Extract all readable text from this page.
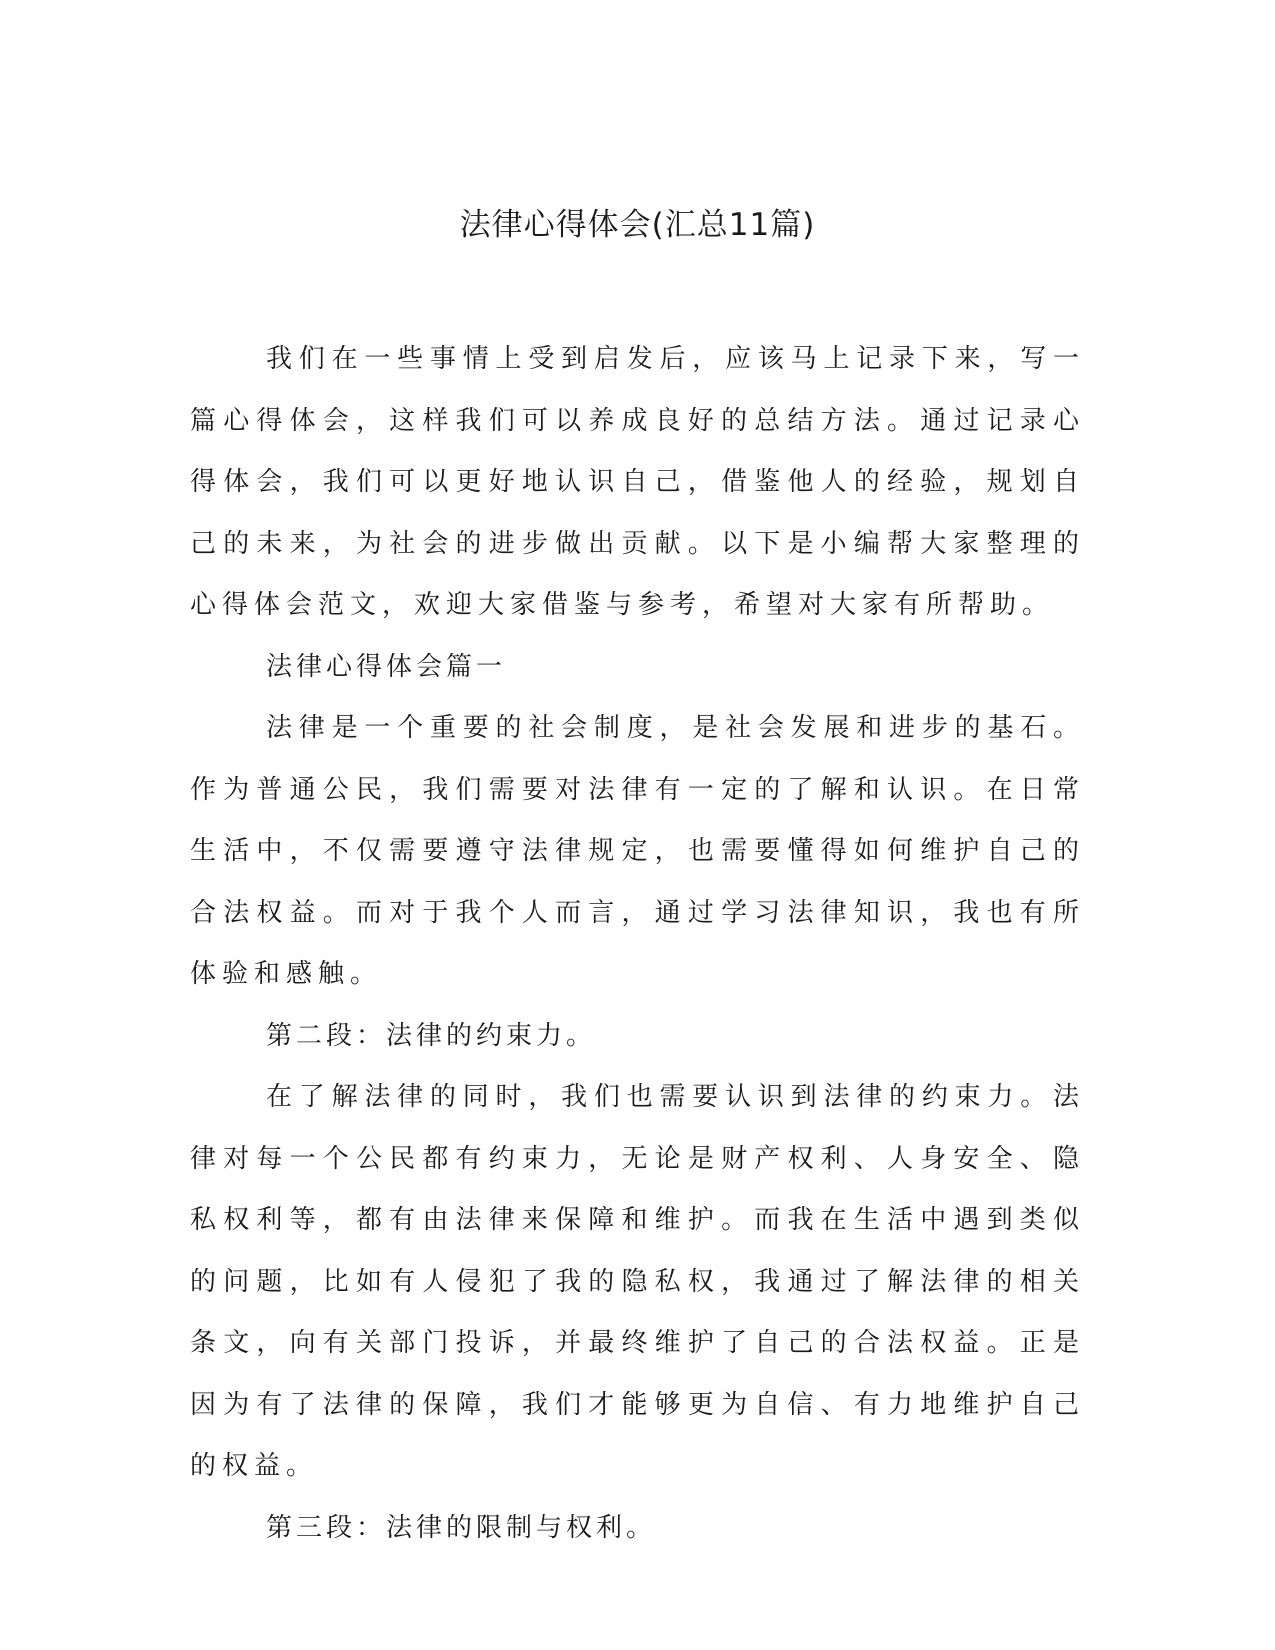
法律心得体会(汇总11篇)

我们在一些事情上受到启发后，应该马上记录下来，写一篇心得体会，这样我们可以养成良好的总结方法。通过记录心得体会，我们可以更好地认识自己，借鉴他人的经验，规划自己的未来，为社会的进步做出贡献。以下是小编帮大家整理的心得体会范文，欢迎大家借鉴与参考，希望对大家有所帮助。

法律心得体会篇一

法律是一个重要的社会制度，是社会发展和进步的基石。作为普通公民，我们需要对法律有一定的了解和认识。在日常生活中，不仅需要遵守法律规定，也需要懂得如何维护自己的合法权益。而对于我个人而言，通过学习法律知识，我也有所体验和感触。

第二段：法律的约束力。

在了解法律的同时，我们也需要认识到法律的约束力。法律对每一个公民都有约束力，无论是财产权利、人身安全、隐私权利等，都有由法律来保障和维护。而我在生活中遇到类似的问题，比如有人侵犯了我的隐私权，我通过了解法律的相关条文，向有关部门投诉，并最终维护了自己的合法权益。正是因为有了法律的保障，我们才能够更为自信、有力地维护自己的权益。

第三段：法律的限制与权利。
